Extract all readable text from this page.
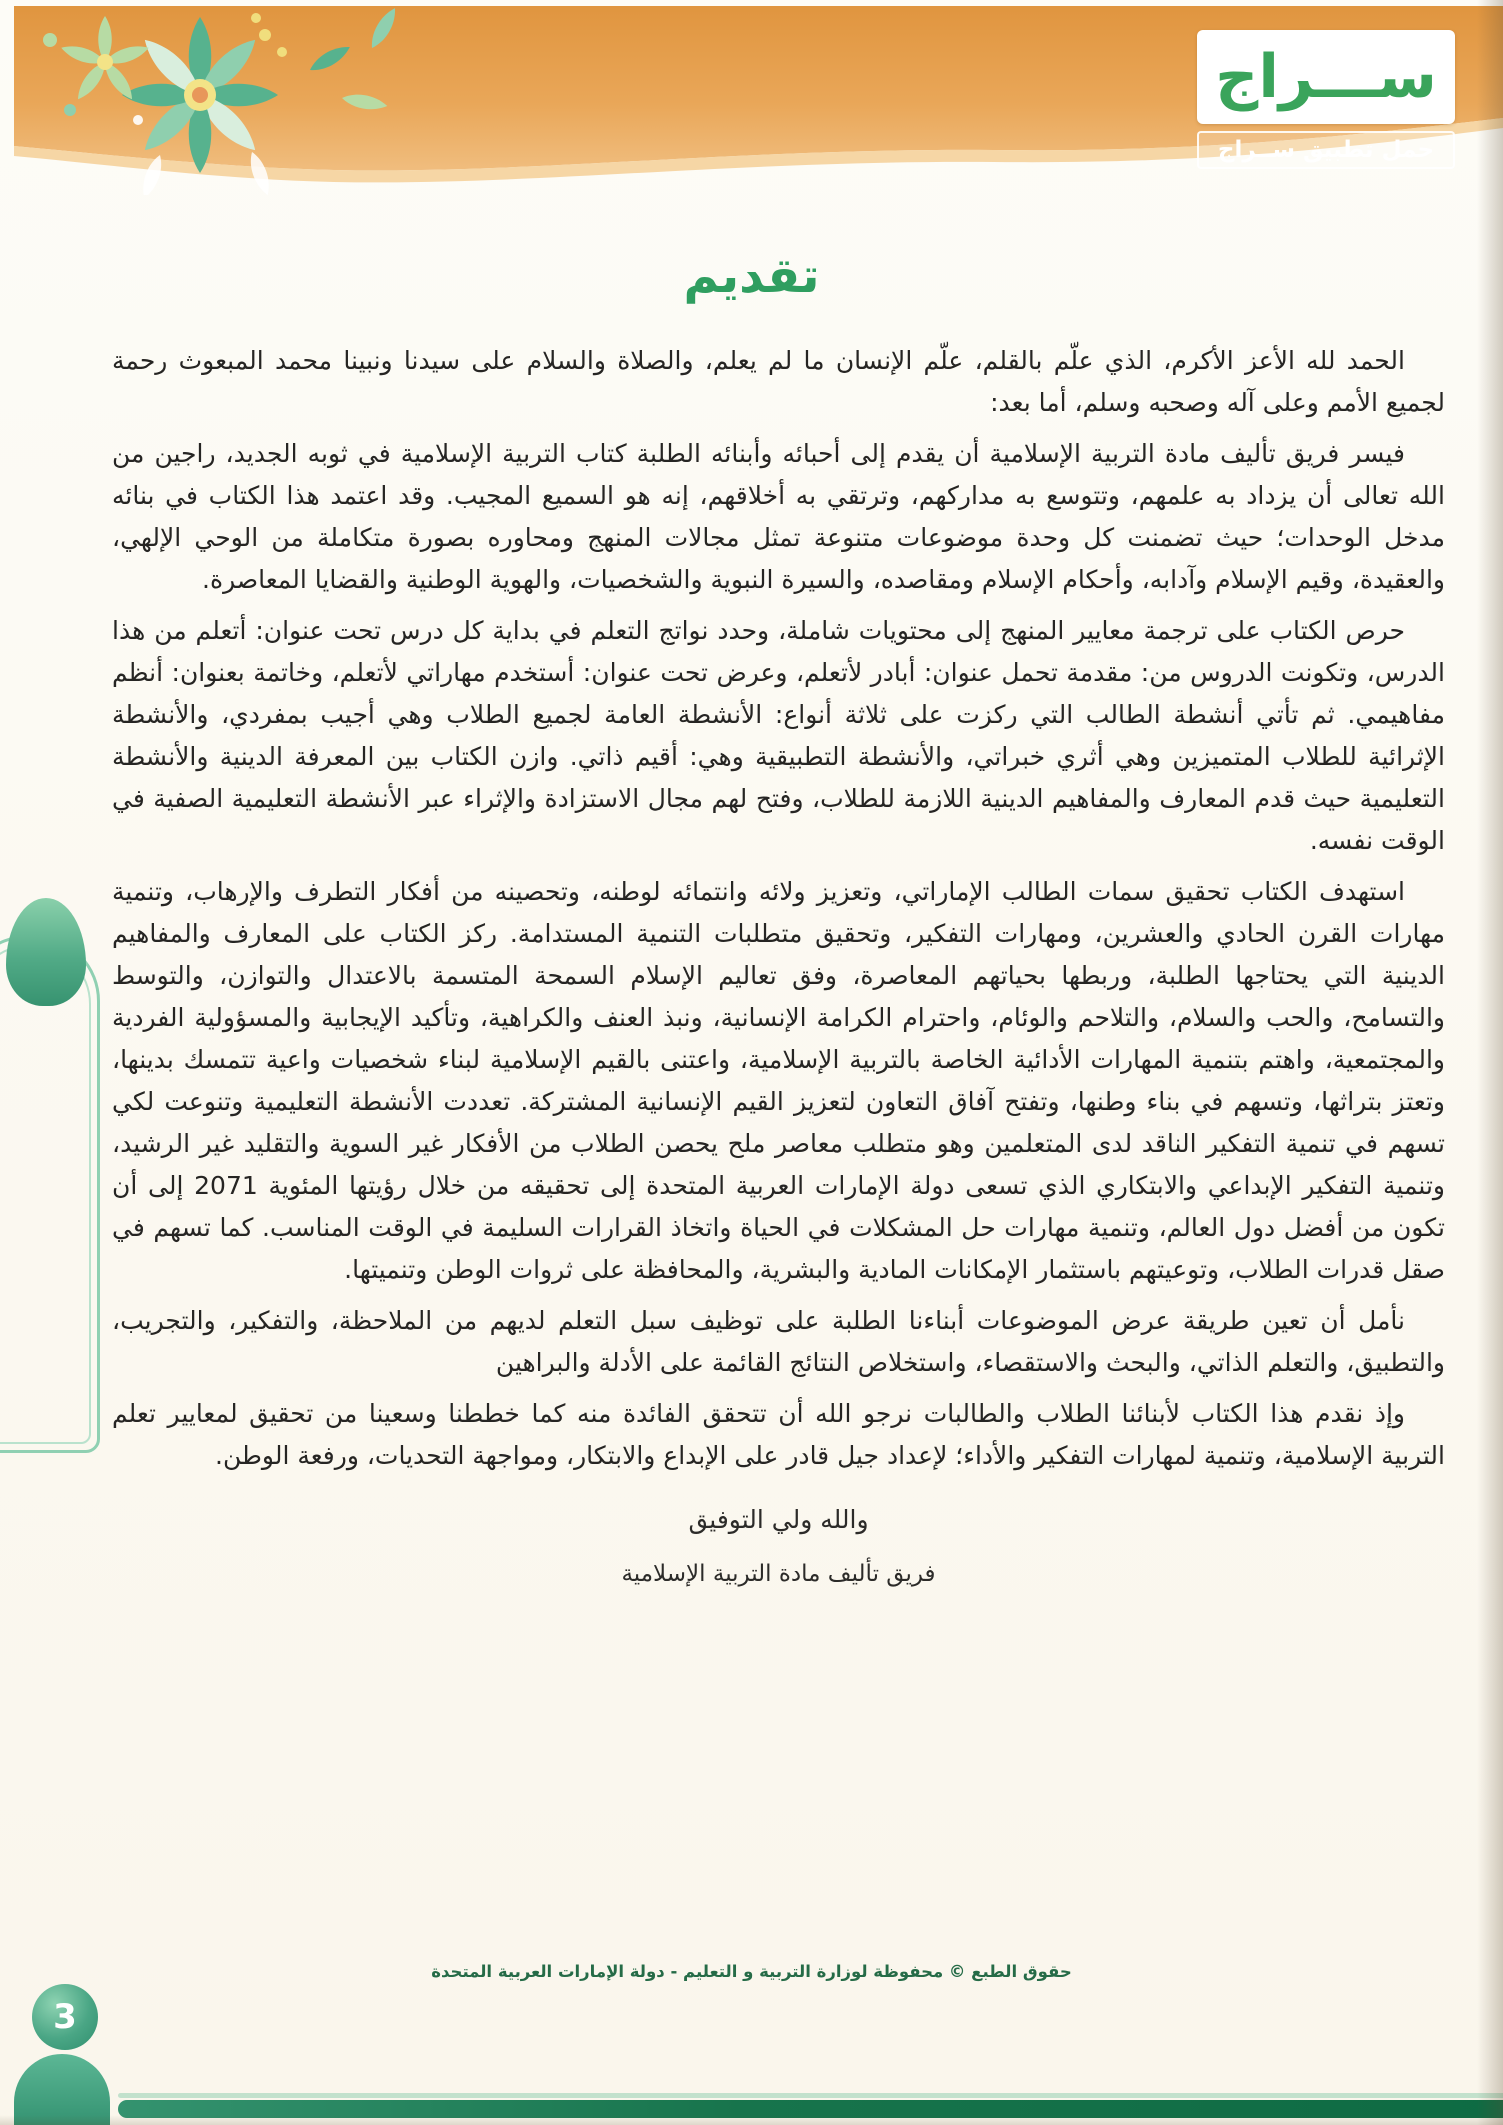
ســـراج
حمل تطبيق ســراج
تقديم

الحمد لله الأعز الأكرم، الذي علّم بالقلم، علّم الإنسان ما لم يعلم، والصلاة والسلام على سيدنا ونبينا محمد المبعوث رحمة لجميع الأمم وعلى آله وصحبه وسلم، أما بعد:

فيسر فريق تأليف مادة التربية الإسلامية أن يقدم إلى أحبائه وأبنائه الطلبة كتاب التربية الإسلامية في ثوبه الجديد، راجين من الله تعالى أن يزداد به علمهم، وتتوسع به مداركهم، وترتقي به أخلاقهم، إنه هو السميع المجيب. وقد اعتمد هذا الكتاب في بنائه مدخل الوحدات؛ حيث تضمنت كل وحدة موضوعات متنوعة تمثل مجالات المنهج ومحاوره بصورة متكاملة من الوحي الإلهي، والعقيدة، وقيم الإسلام وآدابه، وأحكام الإسلام ومقاصده، والسيرة النبوية والشخصيات، والهوية الوطنية والقضايا المعاصرة.

حرص الكتاب على ترجمة معايير المنهج إلى محتويات شاملة، وحدد نواتج التعلم في بداية كل درس تحت عنوان: أتعلم من هذا الدرس، وتكونت الدروس من: مقدمة تحمل عنوان: أبادر لأتعلم، وعرض تحت عنوان: أستخدم مهاراتي لأتعلم، وخاتمة بعنوان: أنظم مفاهيمي. ثم تأتي أنشطة الطالب التي ركزت على ثلاثة أنواع: الأنشطة العامة لجميع الطلاب وهي أجيب بمفردي، والأنشطة الإثرائية للطلاب المتميزين وهي أثري خبراتي، والأنشطة التطبيقية وهي: أقيم ذاتي. وازن الكتاب بين المعرفة الدينية والأنشطة التعليمية حيث قدم المعارف والمفاهيم الدينية اللازمة للطلاب، وفتح لهم مجال الاستزادة والإثراء عبر الأنشطة التعليمية الصفية في الوقت نفسه.

استهدف الكتاب تحقيق سمات الطالب الإماراتي، وتعزيز ولائه وانتمائه لوطنه، وتحصينه من أفكار التطرف والإرهاب، وتنمية مهارات القرن الحادي والعشرين، ومهارات التفكير، وتحقيق متطلبات التنمية المستدامة. ركز الكتاب على المعارف والمفاهيم الدينية التي يحتاجها الطلبة، وربطها بحياتهم المعاصرة، وفق تعاليم الإسلام السمحة المتسمة بالاعتدال والتوازن، والتوسط والتسامح، والحب والسلام، والتلاحم والوئام، واحترام الكرامة الإنسانية، ونبذ العنف والكراهية، وتأكيد الإيجابية والمسؤولية الفردية والمجتمعية، واهتم بتنمية المهارات الأدائية الخاصة بالتربية الإسلامية، واعتنى بالقيم الإسلامية لبناء شخصيات واعية تتمسك بدينها، وتعتز بتراثها، وتسهم في بناء وطنها، وتفتح آفاق التعاون لتعزيز القيم الإنسانية المشتركة. تعددت الأنشطة التعليمية وتنوعت لكي تسهم في تنمية التفكير الناقد لدى المتعلمين وهو متطلب معاصر ملح يحصن الطلاب من الأفكار غير السوية والتقليد غير الرشيد، وتنمية التفكير الإبداعي والابتكاري الذي تسعى دولة الإمارات العربية المتحدة إلى تحقيقه من خلال رؤيتها المئوية 2071 إلى أن تكون من أفضل دول العالم، وتنمية مهارات حل المشكلات في الحياة واتخاذ القرارات السليمة في الوقت المناسب. كما تسهم في صقل قدرات الطلاب، وتوعيتهم باستثمار الإمكانات المادية والبشرية، والمحافظة على ثروات الوطن وتنميتها.

نأمل أن تعين طريقة عرض الموضوعات أبناءنا الطلبة على توظيف سبل التعلم لديهم من الملاحظة، والتفكير، والتجريب، والتطبيق، والتعلم الذاتي، والبحث والاستقصاء، واستخلاص النتائج القائمة على الأدلة والبراهين

وإذ نقدم هذا الكتاب لأبنائنا الطلاب والطالبات نرجو الله أن تتحقق الفائدة منه كما خططنا وسعينا من تحقيق لمعايير تعلم التربية الإسلامية، وتنمية لمهارات التفكير والأداء؛ لإعداد جيل قادر على الإبداع والابتكار، ومواجهة التحديات، ورفعة الوطن.

والله ولي التوفيق
فريق تأليف مادة التربية الإسلامية
حقوق الطبع © محفوظة لوزارة التربية و التعليم - دولة الإمارات العربية المتحدة
3
